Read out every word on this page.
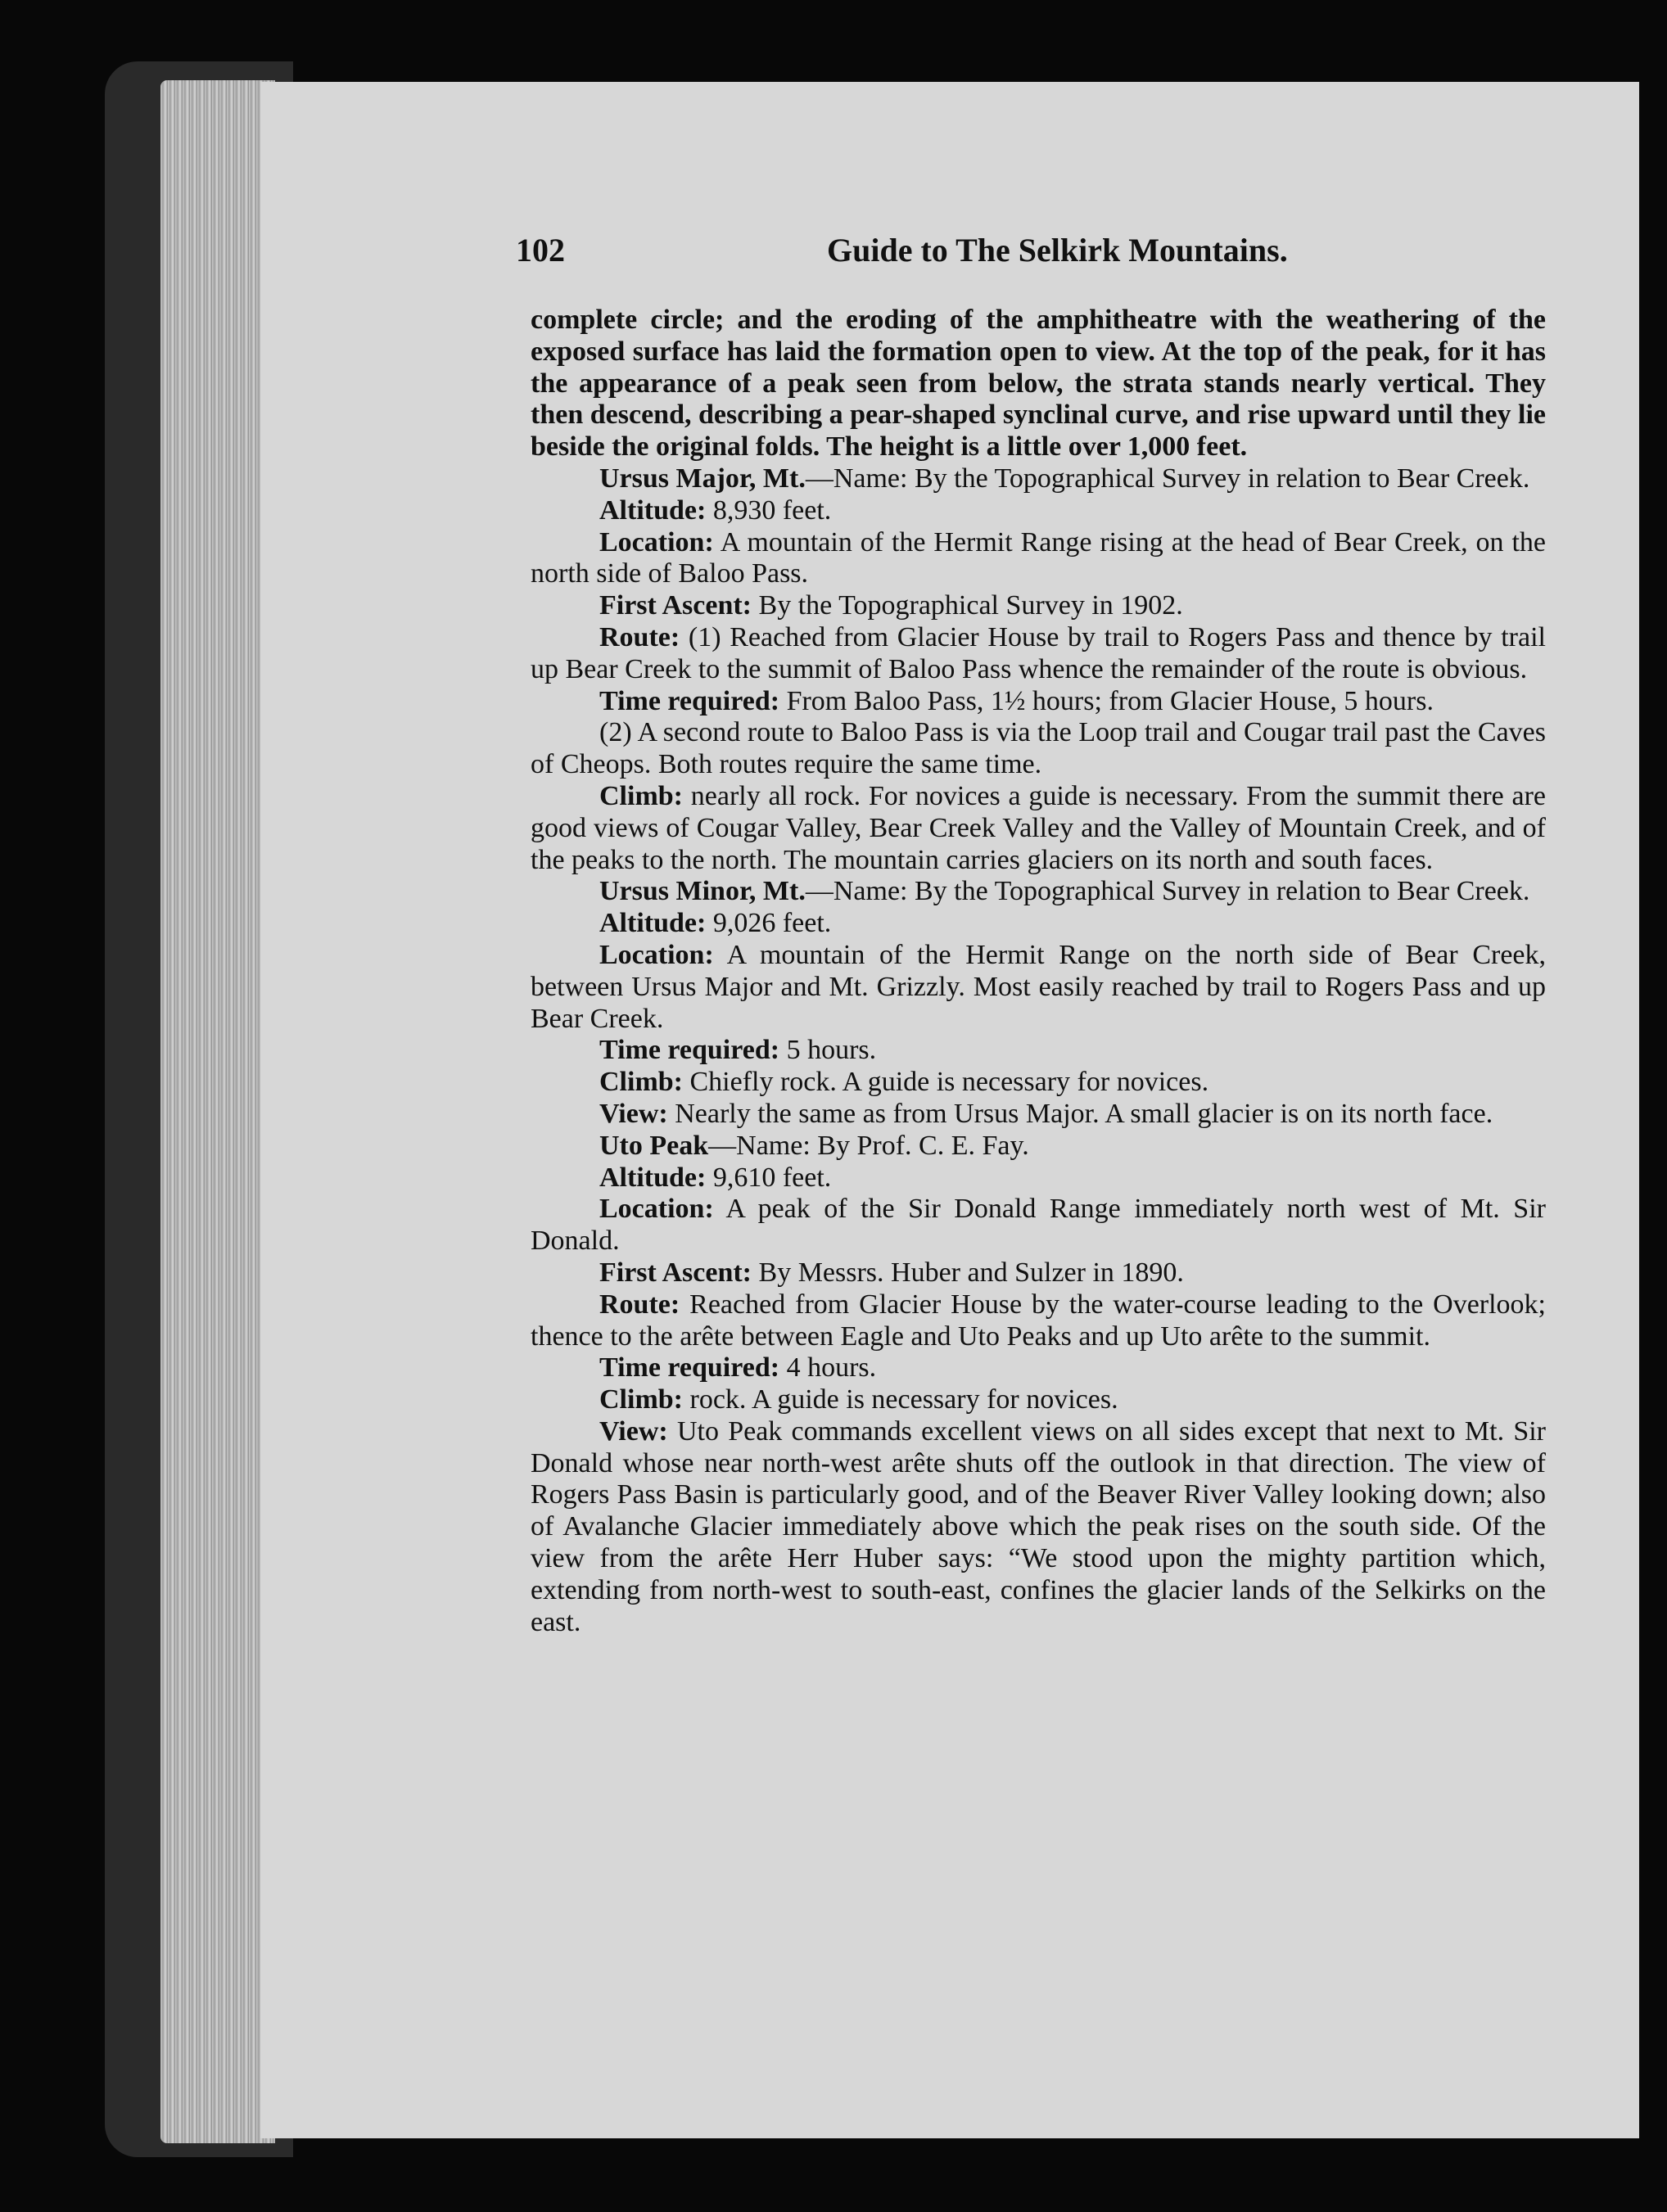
102	Guide to The Selkirk Mountains.

complete circle; and the eroding of the amphitheatre with the weathering of the exposed surface has laid the formation open to view. At the top of the peak, for it has the appearance of a peak seen from below, the strata stands nearly vertical. They then descend, describing a pear-shaped synclinal curve, and rise upward until they lie beside the original folds. The height is a little over 1,000 feet.

Ursus Major, Mt.—Name: By the Topographical Survey in relation to Bear Creek.

Altitude: 8,930 feet.

Location: A mountain of the Hermit Range rising at the head of Bear Creek, on the north side of Baloo Pass.

First Ascent: By the Topographical Survey in 1902.

Route: (1) Reached from Glacier House by trail to Rogers Pass and thence by trail up Bear Creek to the summit of Baloo Pass whence the remainder of the route is obvious.

Time required: From Baloo Pass, 1½ hours; from Glacier House, 5 hours.

(2) A second route to Baloo Pass is via the Loop trail and Cougar trail past the Caves of Cheops. Both routes require the same time.

Climb: nearly all rock. For novices a guide is necessary. From the summit there are good views of Cougar Valley, Bear Creek Valley and the Valley of Mountain Creek, and of the peaks to the north. The mountain carries glaciers on its north and south faces.

Ursus Minor, Mt.—Name: By the Topographical Survey in relation to Bear Creek.

Altitude: 9,026 feet.

Location: A mountain of the Hermit Range on the north side of Bear Creek, between Ursus Major and Mt. Grizzly. Most easily reached by trail to Rogers Pass and up Bear Creek.

Time required: 5 hours.

Climb: Chiefly rock. A guide is necessary for novices.

View: Nearly the same as from Ursus Major. A small glacier is on its north face.

Uto Peak—Name: By Prof. C. E. Fay.

Altitude: 9,610 feet.

Location: A peak of the Sir Donald Range immediately north west of Mt. Sir Donald.

First Ascent: By Messrs. Huber and Sulzer in 1890.

Route: Reached from Glacier House by the water-course leading to the Overlook; thence to the arête between Eagle and Uto Peaks and up Uto arête to the summit.

Time required: 4 hours.

Climb: rock. A guide is necessary for novices.

View: Uto Peak commands excellent views on all sides except that next to Mt. Sir Donald whose near north-west arête shuts off the outlook in that direction. The view of Rogers Pass Basin is particularly good, and of the Beaver River Valley looking down; also of Avalanche Glacier immediately above which the peak rises on the south side. Of the view from the arête Herr Huber says: “We stood upon the mighty partition which, extending from north-west to south-east, confines the glacier lands of the Selkirks on the east.
